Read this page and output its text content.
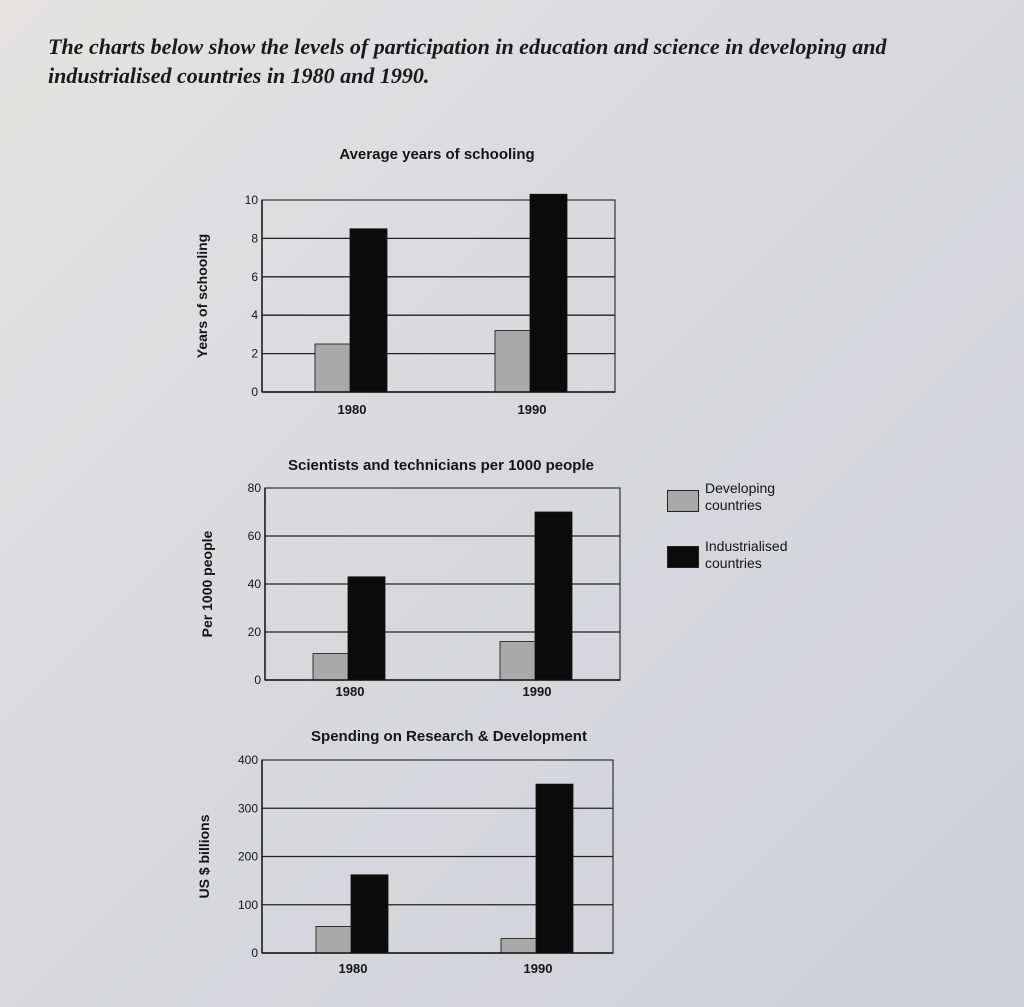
The charts below show the levels of participation in education and science in developing and industrialised countries in 1980 and 1990.
Average years of schooling
Years of schooling
0
2
4
6
8
10
1980	1990
Scientists and technicians per 1000 people
Per 1000 people
0
20
40
60
80
1980	1990
Spending on Research & Development
US $ billions
0
100
200
300
400
1980	1990
Developing
countries
Industrialised
countries
